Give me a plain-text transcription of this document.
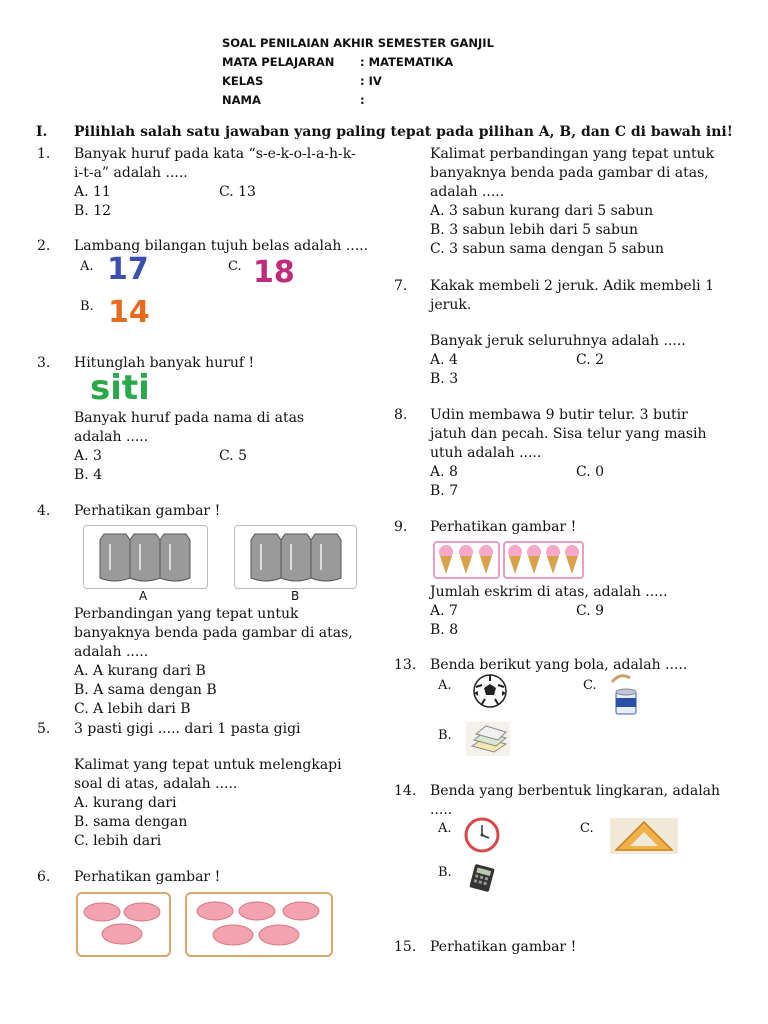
SOAL PENILAIAN AKHIR SEMESTER GANJIL
MATA PELAJARAN : MATEMATIKA
KELAS	: IV
NAMA	:
I. Pilihlah salah satu jawaban yang paling tepat pada pilihan A, B, dan C di bawah ini!
1. Banyak huruf pada kata “s-e-k-o-l-a-h-k-
i-t-a” adalah .....
A. 11	C. 13
B. 12
2. Lambang bilangan tujuh belas adalah .....
A. 17	C. 18
B. 14
3. Hitunglah banyak huruf !
siti
Banyak huruf pada nama di atas
adalah .....
A. 3	C. 5
B. 4
4. Perhatikan gambar !
A	B
Perbandingan yang tepat untuk
banyaknya benda pada gambar di atas,
adalah .....
A. A kurang dari B
B. A sama dengan B
C. A lebih dari B
5. 3 pasti gigi ..... dari 1 pasta gigi
Kalimat yang tepat untuk melengkapi
soal di atas, adalah .....
A. kurang dari
B. sama dengan
C. lebih dari
6. Perhatikan gambar !
Kalimat perbandingan yang tepat untuk
banyaknya benda pada gambar di atas,
adalah .....
A. 3 sabun kurang dari 5 sabun
B. 3 sabun lebih dari 5 sabun
C. 3 sabun sama dengan 5 sabun
7. Kakak membeli 2 jeruk. Adik membeli 1
jeruk.
Banyak jeruk seluruhnya adalah .....
A. 4	C. 2
B. 3
8. Udin membawa 9 butir telur. 3 butir
jatuh dan pecah. Sisa telur yang masih
utuh adalah .....
A. 8	C. 0
B. 7
9. Perhatikan gambar !
Jumlah eskrim di atas, adalah .....
A. 7	C. 9
B. 8
13. Benda berikut yang bola, adalah .....
A.	C.
B.
14. Benda yang berbentuk lingkaran, adalah
.....
A.	C.
B.
15. Perhatikan gambar !
